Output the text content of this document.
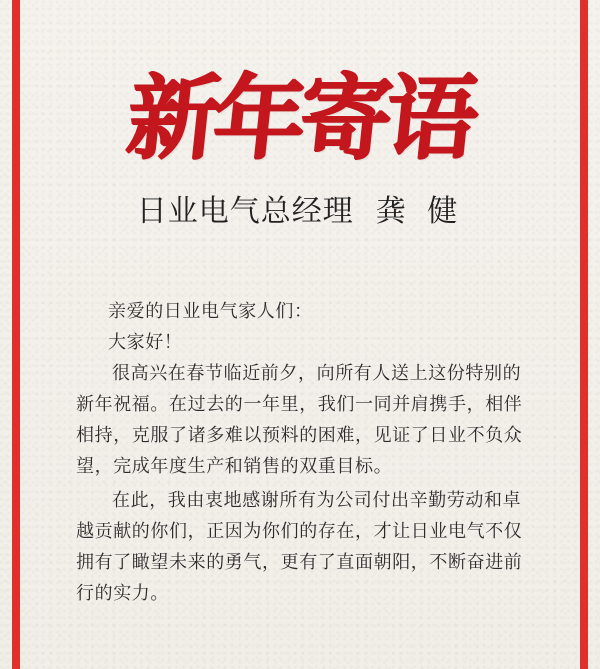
新年寄语
日业电气总经理 龚 健

亲爱的日业电气家人们：

大家好！

很高兴在春节临近前夕，向所有人送上这份特别的

新年祝福。在过去的一年里，我们一同并肩携手，相伴

相持，克服了诸多难以预料的困难，见证了日业不负众

望，完成年度生产和销售的双重目标。

在此，我由衷地感谢所有为公司付出辛勤劳动和卓

越贡献的你们，正因为你们的存在，才让日业电气不仅

拥有了瞰望未来的勇气，更有了直面朝阳，不断奋进前

行的实力。
